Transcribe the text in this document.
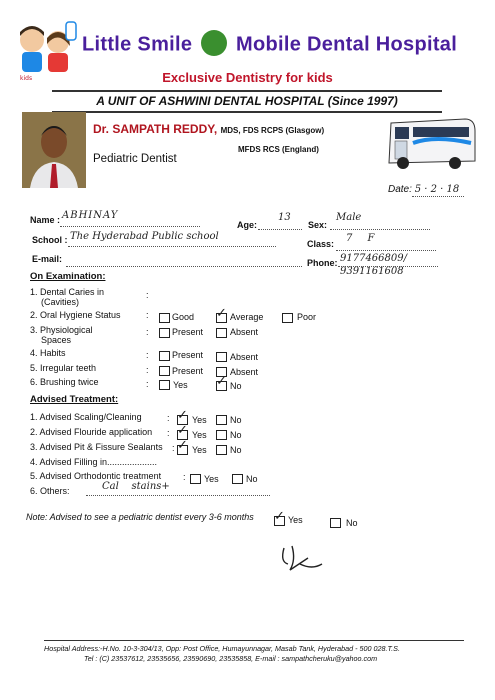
kids
Little Smile Mobile Dental Hospital
Exclusive Dentistry for kids
A UNIT OF ASHWINI DENTAL HOSPITAL (Since 1997)
Dr. SAMPATH REDDY, MDS, FDS RCPS (Glasgow)
MFDS RCS (England)
Pediatric Dentist
Date: 5 · 2 · 18
Name : ABHINAY
Age:
13
Sex:
Male
School : The Hyderabad Public school
Class: 7 F
E-mail:	Phone: 9177466809/
9391161608
On Examination:
1. Dental Caries in
(Cavities)
:
2. Oral Hygiene Status	:	Good ✓ Average	Poor
3. Physiological
Spaces
:	Present	Absent
4. Habits	:	Present	Absent
5. Irregular teeth	:	Present	Absent
6. Brushing twice	:	Yes ✓ No
Advised Treatment:
1. Advised Scaling/Cleaning	: ✓ Yes	No
2. Advised Flouride application : ✓ Yes	No
3. Advised Pit & Fissure Sealants : ✓ Yes	No
4. Advised Filling in....................
5. Advised Orthodontic treatment : Yes	No
6. Others:	Cal    stains+
Note: Advised to see a pediatric dentist every 3-6 months ✓ Yes	No
Hospital Address:-H.No. 10-3-304/13, Opp: Post Office, Humayunnagar, Masab Tank, Hyderabad - 500 028.T.S.
Tel : (C) 23537612, 23535656, 23590690, 23535858, E-mail : sampathcheruku@yahoo.com
